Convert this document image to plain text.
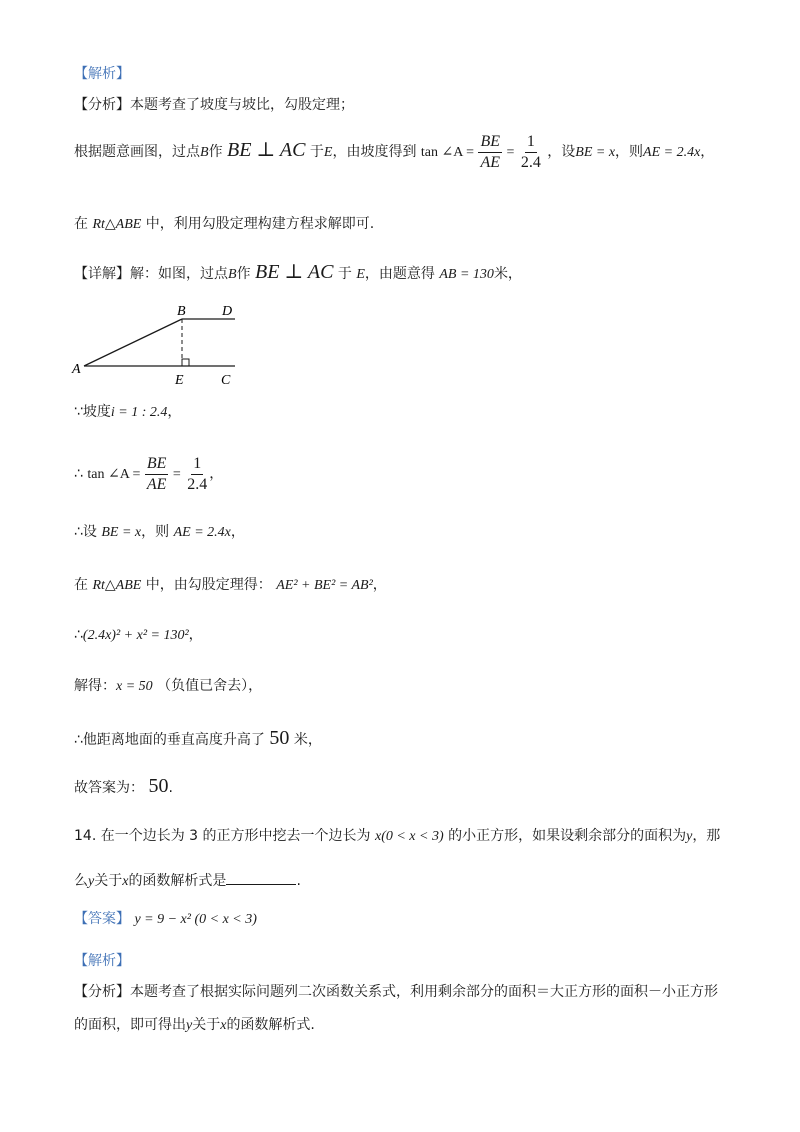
【解析】
【分析】本题考查了坡度与坡比，勾股定理；
根据题意画图，过点B作 BE ⊥ AC 于E，由坡度得到 tan ∠A = $\frac{BE}{AE} = \frac{1}{2.4}$ ，设BE = x，则AE = 2.4x，
在 Rt△ABE 中，利用勾股定理构建方程求解即可.
【详解】解：如图，过点B作 BE ⊥ AC 于 E，由题意得 AB = 130米，
A
B	D
E	C
∵坡度i = 1 : 2.4，
∴ tan ∠A = $\frac{BE}{AE} = \frac{1}{2.4}$ ，
∴设 BE = x，则 AE = 2.4x，
在 Rt△ABE 中，由勾股定理得： AE² + BE² = AB²，
∴(2.4x)² + x² = 130²，
解得：x = 50 （负值已舍去），
∴他距离地面的垂直高度升高了 50 米，
故答案为： 50.
14. 在一个边长为 3 的正方形中挖去一个边长为 x(0 < x < 3) 的小正方形，如果设剩余部分的面积为y，那
么y关于x的函数解析式是	.
【答案】 y = 9 − x² (0 < x < 3)
【解析】
【分析】本题考查了根据实际问题列二次函数关系式，利用剩余部分的面积＝大正方形的面积－小正方形
的面积，即可得出y关于x的函数解析式.
